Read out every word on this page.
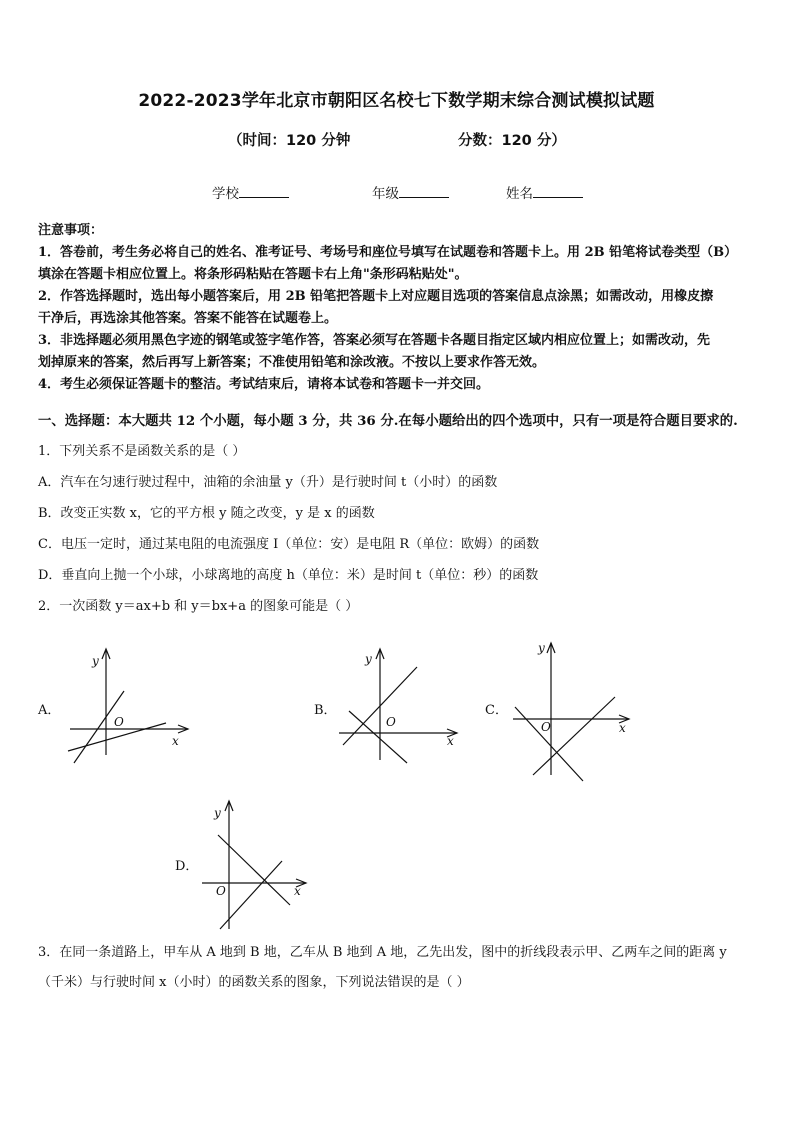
2022-2023学年北京市朝阳区名校七下数学期末综合测试模拟试题
（时间：120 分钟	分数：120 分）
学校	年级	姓名
注意事项：
1．答卷前，考生务必将自己的姓名、准考证号、考场号和座位号填写在试题卷和答题卡上。用 2B 铅笔将试卷类型（B）
填涂在答题卡相应位置上。将条形码粘贴在答题卡右上角"条形码粘贴处"。
2．作答选择题时，选出每小题答案后，用 2B 铅笔把答题卡上对应题目选项的答案信息点涂黑；如需改动，用橡皮擦
干净后，再选涂其他答案。答案不能答在试题卷上。
3．非选择题必须用黑色字迹的钢笔或签字笔作答，答案必须写在答题卡各题目指定区域内相应位置上；如需改动，先
划掉原来的答案，然后再写上新答案；不准使用铅笔和涂改液。不按以上要求作答无效。
4．考生必须保证答题卡的整洁。考试结束后，请将本试卷和答题卡一并交回。
一、选择题：本大题共 12 个小题，每小题 3 分，共 36 分.在每小题给出的四个选项中，只有一项是符合题目要求的.
1．下列关系不是函数关系的是（ ）
A．汽车在匀速行驶过程中，油箱的余油量 y（升）是行驶时间 t（小时）的函数
B．改变正实数 x，它的平方根 y 随之改变，y 是 x 的函数
C．电压一定时，通过某电阻的电流强度 I（单位：安）是电阻 R（单位：欧姆）的函数
D．垂直向上抛一个小球，小球离地的高度 h（单位：米）是时间 t（单位：秒）的函数
2．一次函数 y＝ax+b 和 y＝bx+a 的图象可能是（ ）
A．	B．	C．
D．
y
x
O
y
x
O
y
x
O
y
x
O
3．在同一条道路上，甲车从 A 地到 B 地，乙车从 B 地到 A 地，乙先出发，图中的折线段表示甲、乙两车之间的距离 y
（千米）与行驶时间 x（小时）的函数关系的图象，下列说法错误的是（ ）
